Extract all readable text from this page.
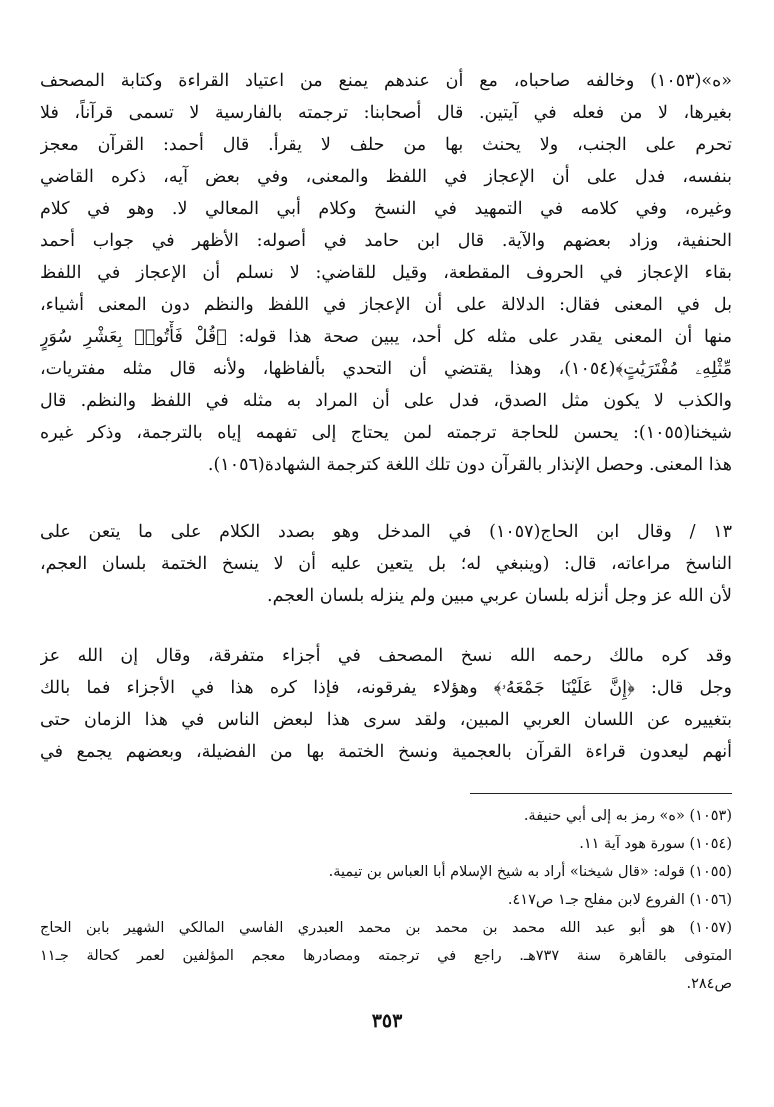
«ه»(١٠٥٣) وخالفه صاحباه، مع أن عندهم يمنع من اعتياد القراءة وكتابة المصحف
بغيرها، لا من فعله في آيتين. قال أصحابنا: ترجمته بالفارسية لا تسمى قرآناً، فلا
تحرم على الجنب، ولا يحنث بها من حلف لا يقرأ. قال أحمد: القرآن معجز
بنفسه، فدل على أن الإعجاز في اللفظ والمعنى، وفي بعض آيه، ذكره القاضي
وغيره، وفي كلامه في التمهيد في النسخ وكلام أبي المعالي لا. وهو في كلام
الحنفية، وزاد بعضهم والآية. قال ابن حامد في أصوله: الأظهر في جواب أحمد
بقاء الإعجاز في الحروف المقطعة، وقيل للقاضي: لا نسلم أن الإعجاز في اللفظ
بل في المعنى فقال: الدلالة على أن الإعجاز في اللفظ والنظم دون المعنى أشياء،
منها أن المعنى يقدر على مثله كل أحد، يبين صحة هذا قوله: ﴿قُلْ فَأْتُوا۟ بِعَشْرِ سُوَرٍ
مِّثْلِهِۦ مُفْتَرَيَٰتٍ﴾(١٠٥٤)، وهذا يقتضي أن التحدي بألفاظها، ولأنه قال مثله مفتريات،
والكذب لا يكون مثل الصدق، فدل على أن المراد به مثله في اللفظ والنظم. قال
شيخنا(١٠٥٥): يحسن للحاجة ترجمته لمن يحتاج إلى تفهمه إياه بالترجمة، وذكر غيره
هذا المعنى. وحصل الإنذار بالقرآن دون تلك اللغة كترجمة الشهادة(١٠٥٦).
١٣ / وقال ابن الحاج(١٠٥٧) في المدخل وهو بصدد الكلام على ما يتعن على
الناسخ مراعاته، قال: (وينبغي له؛ بل يتعين عليه أن لا ينسخ الختمة بلسان العجم،
لأن الله عز وجل أنزله بلسان عربي مبين ولم ينزله بلسان العجم.
وقد كره مالك رحمه الله نسخ المصحف في أجزاء متفرقة، وقال إن الله عز
وجل قال: ﴿إِنَّ عَلَيْنَا جَمْعَهُۥ﴾ وهؤلاء يفرقونه، فإذا كره هذا في الأجزاء فما بالك
بتغييره عن اللسان العربي المبين، ولقد سرى هذا لبعض الناس في هذا الزمان حتى
أنهم ليعدون قراءة القرآن بالعجمية ونسخ الختمة بها من الفضيلة، وبعضهم يجمع في
(١٠٥٣) «ه» رمز به إلى أبي حنيفة.
(١٠٥٤) سورة هود آية ١١.
(١٠٥٥) قوله: «قال شيخنا» أراد به شيخ الإسلام أبا العباس بن تيمية.
(١٠٥٦) الفروع لابن مفلح جـ١ ص٤١٧.
(١٠٥٧) هو أبو عبد الله محمد بن محمد بن محمد العبدري الفاسي المالكي الشهير بابن الحاج
المتوفى بالقاهرة سنة ٧٣٧هـ. راجع في ترجمته ومصادرها معجم المؤلفين لعمر كحالة جـ١١
ص٢٨٤.
٣٥٣
